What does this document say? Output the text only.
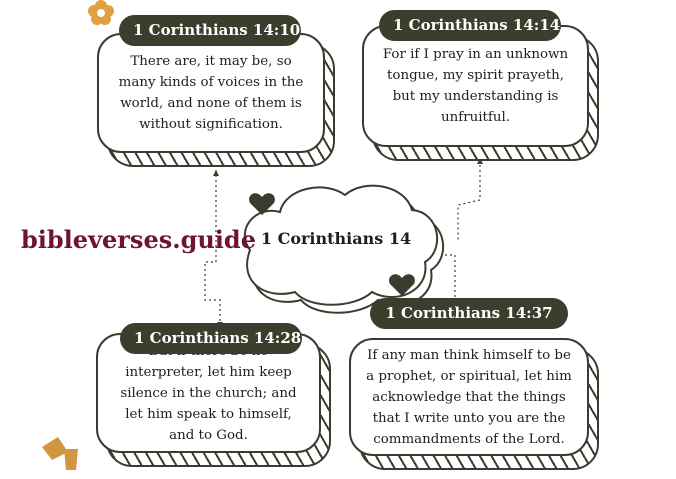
bibleverses.guide 1 Corinthians 14
There are, it may be, so many kinds of voices in the world, and none of them is without signification.
1 Corinthians 14:10
For if I pray in an unknown tongue, my spirit prayeth, but my understanding is unfruitful.
1 Corinthians 14:14
interpreter, let him keep silence in the church; and let him speak to himself, and to God.
1 Corinthians 14:28
If any man think himself to be a prophet, or spiritual, let him acknowledge that the things that I write unto you are the commandments of the Lord.
1 Corinthians 14:37
